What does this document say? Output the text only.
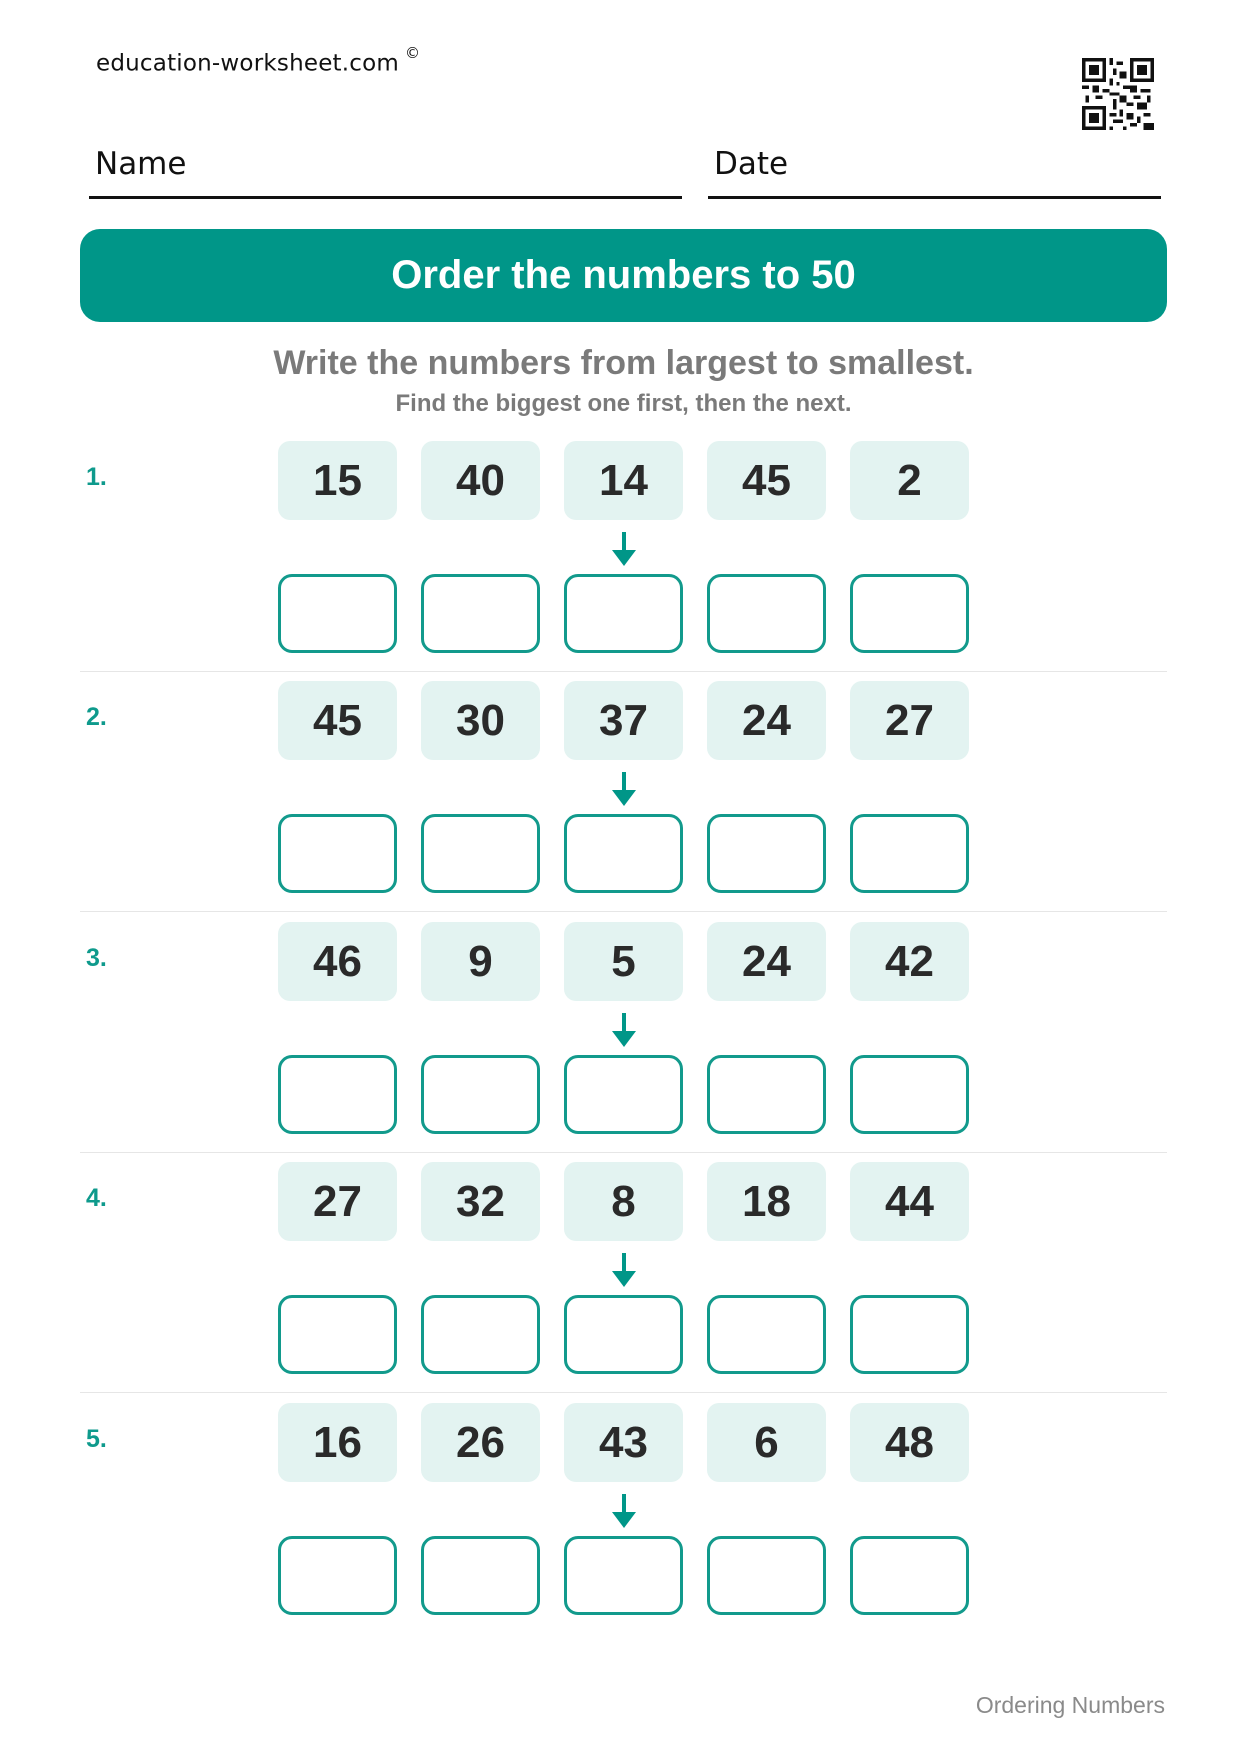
education-worksheet.com ©
Name	Date
Order the numbers to 50
Write the numbers from largest to smallest.
Find the biggest one first, then the next.
1.	15	40	14	45	2
2.	45	30	37	24	27
3.	46	9	5	24	42
4.	27	32	8	18	44
5.	16	26	43	6	48
Ordering Numbers
